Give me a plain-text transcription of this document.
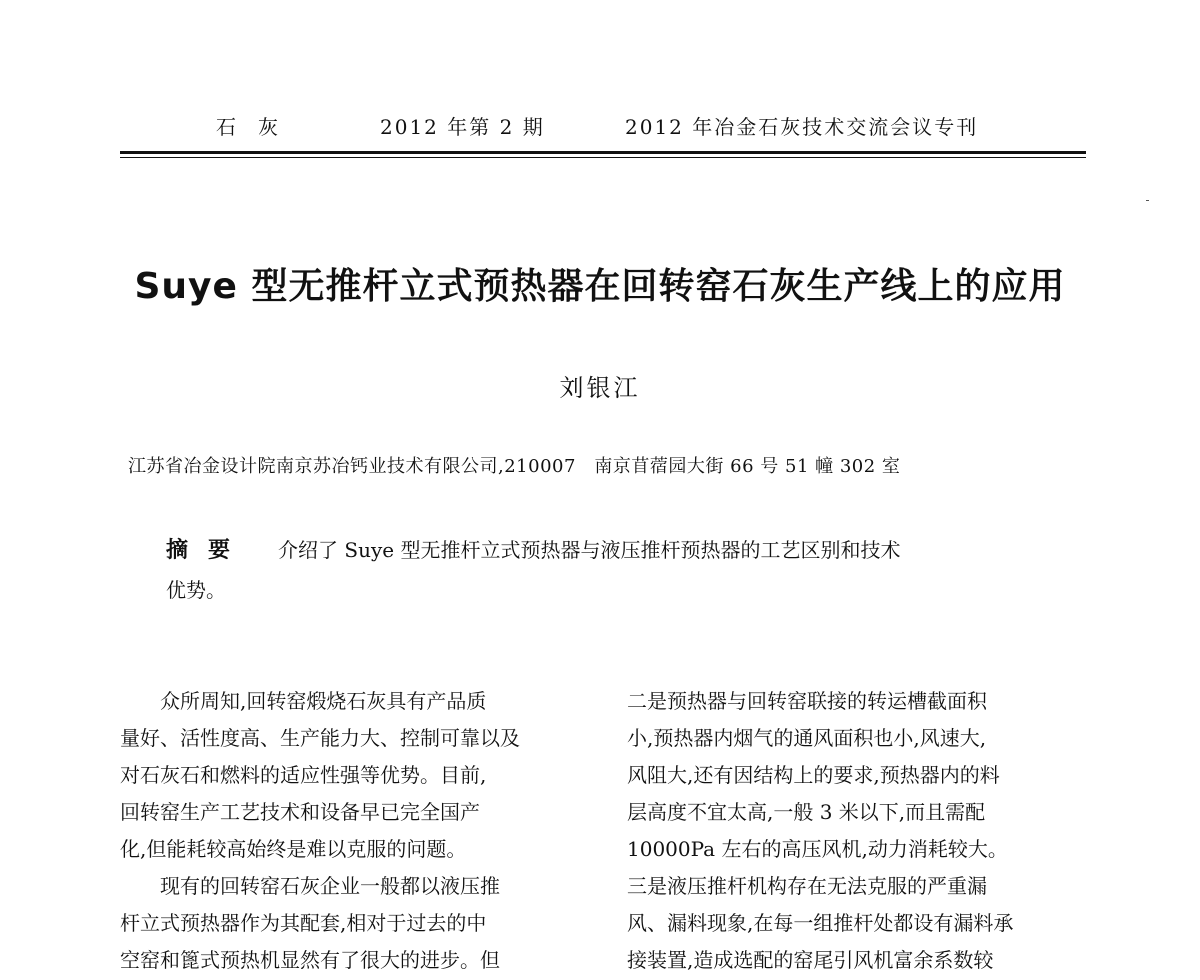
石灰	2012 年第 2 期	2012 年冶金石灰技术交流会议专刊
Suye 型无推杆立式预热器在回转窑石灰生产线上的应用
刘银江
江苏省冶金设计院南京苏冶钙业技术有限公司,210007　南京苜蓿园大街 66 号 51 幢 302 室
摘要 介绍了 Suye 型无推杆立式预热器与液压推杆预热器的工艺区别和技术
优势。
众所周知,回转窑煅烧石灰具有产品质
量好、活性度高、生产能力大、控制可靠以及
对石灰石和燃料的适应性强等优势。目前,
回转窑生产工艺技术和设备早已完全国产
化,但能耗较高始终是难以克服的问题。
现有的回转窑石灰企业一般都以液压推
杆立式预热器作为其配套,相对于过去的中
空窑和篦式预热机显然有了很大的进步。但
二是预热器与回转窑联接的转运槽截面积
小,预热器内烟气的通风面积也小,风速大,
风阻大,还有因结构上的要求,预热器内的料
层高度不宜太高,一般 3 米以下,而且需配
10000Pa 左右的高压风机,动力消耗较大。
三是液压推杆机构存在无法克服的严重漏
风、漏料现象,在每一组推杆处都设有漏料承
接装置,造成选配的窑尾引风机富余系数较
